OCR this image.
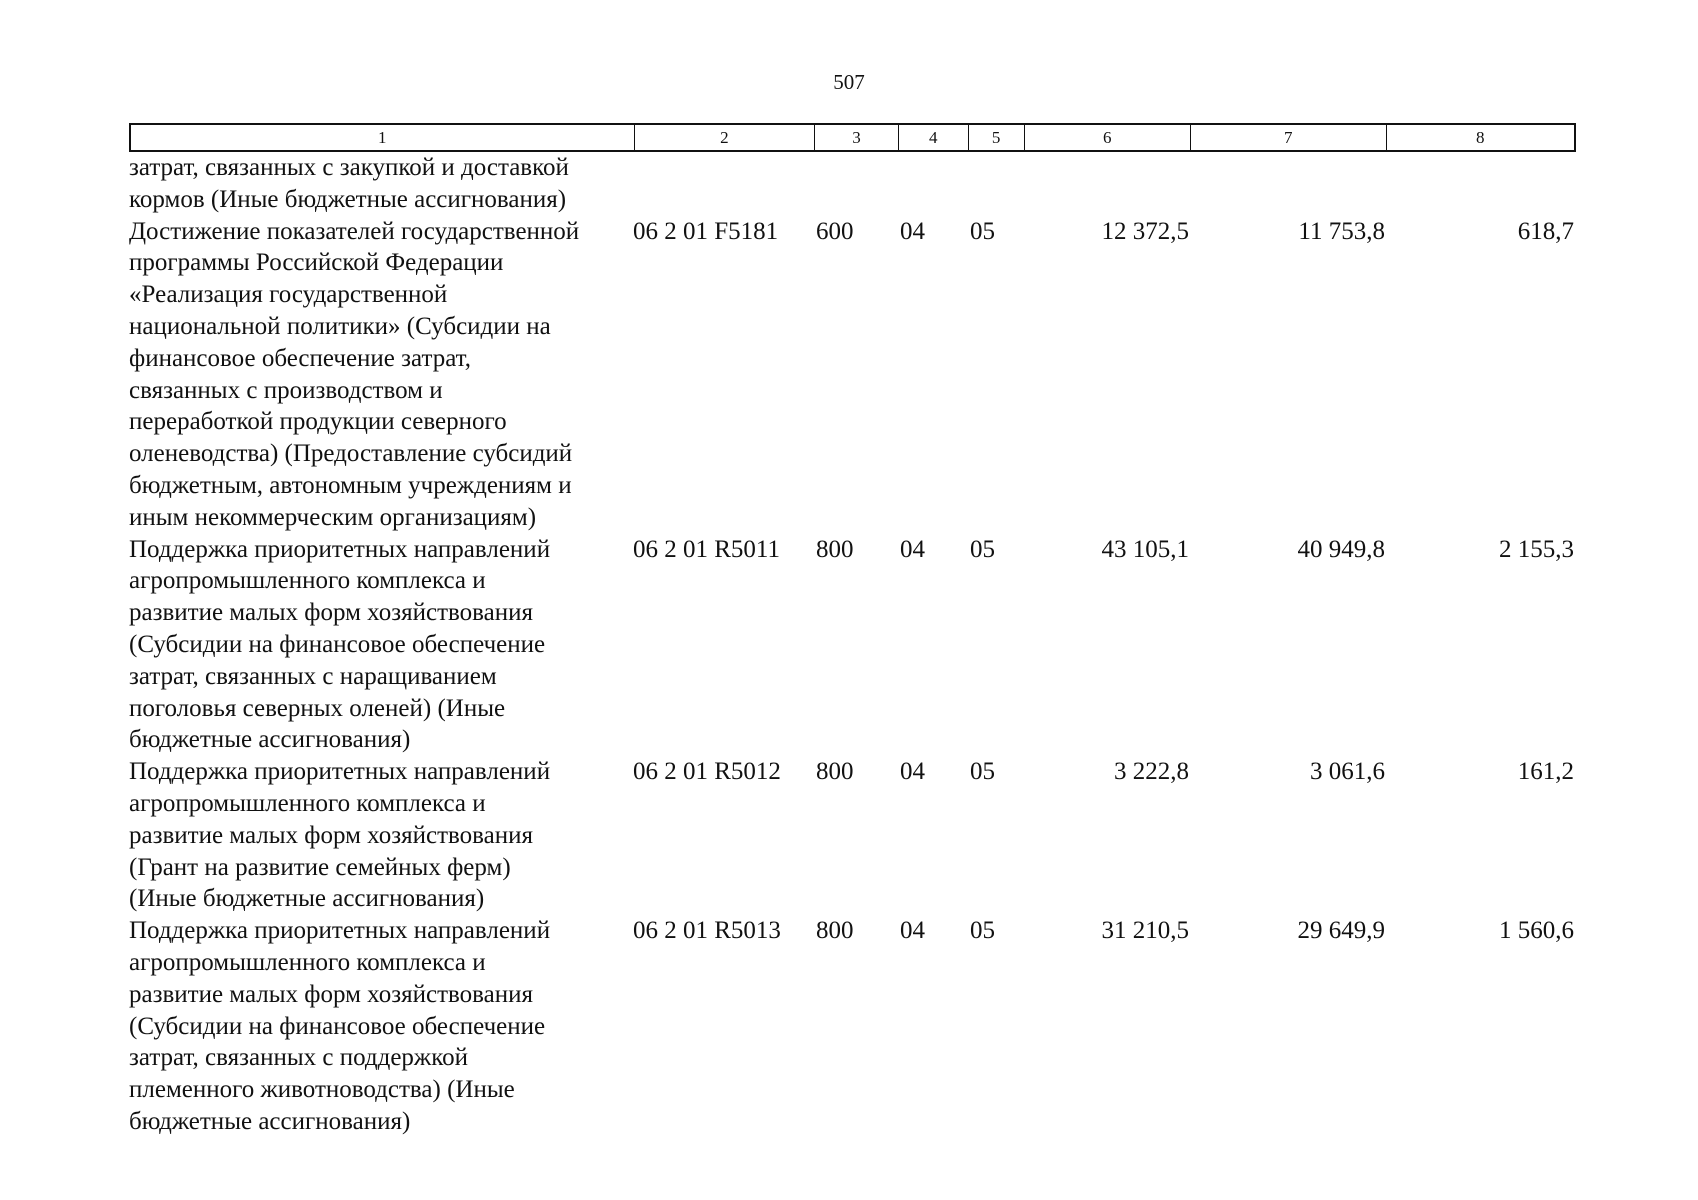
507
1	2	3	4	5	6	7	8
затрат, связанных с закупкой и доставкой
кормов (Иные бюджетные ассигнования)
Достижение показателей государственной
программы Российской Федерации
«Реализация государственной
национальной политики» (Субсидии на
финансовое обеспечение затрат,
связанных с производством и
переработкой продукции северного
оленеводства) (Предоставление субсидий
бюджетным, автономным учреждениям и
иным некоммерческим организациям)
06 2 01 F5181	600	04	05	12 372,5	11 753,8	618,7
Поддержка приоритетных направлений
агропромышленного комплекса и
развитие малых форм хозяйствования
(Субсидии на финансовое обеспечение
затрат, связанных с наращиванием
поголовья северных оленей) (Иные
бюджетные ассигнования)
06 2 01 R5011	800	04	05	43 105,1	40 949,8	2 155,3
Поддержка приоритетных направлений
агропромышленного комплекса и
развитие малых форм хозяйствования
(Грант на развитие семейных ферм)
(Иные бюджетные ассигнования)
06 2 01 R5012	800	04	05	3 222,8	3 061,6	161,2
Поддержка приоритетных направлений
агропромышленного комплекса и
развитие малых форм хозяйствования
(Субсидии на финансовое обеспечение
затрат, связанных с поддержкой
племенного животноводства) (Иные
бюджетные ассигнования)
06 2 01 R5013	800	04	05	31 210,5	29 649,9	1 560,6
